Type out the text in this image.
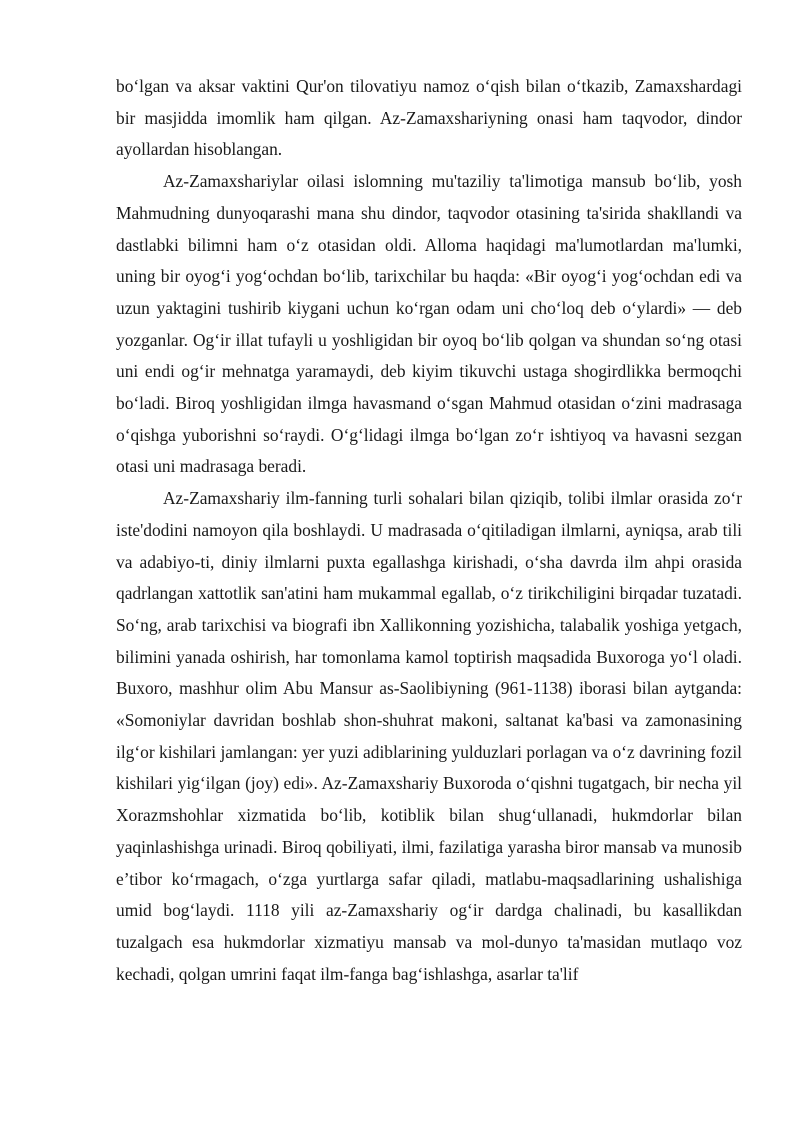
bo‘lgan va aksar vaktini Qur'on tilovatiyu namoz o‘qish bilan o‘tkazib, Zamaxshardagi bir masjidda imomlik ham qilgan. Az-Zamaxshariyning onasi ham taqvodor, dindor ayollardan hisoblangan.

Az-Zamaxshariylar oilasi islomning mu'taziliy ta'limotiga mansub bo‘lib, yosh Mahmudning dunyoqarashi mana shu dindor, taqvodor otasining ta'sirida shakllandi va dastlabki bilimni ham o‘z otasidan oldi. Alloma haqidagi ma'lumotlardan ma'lumki, uning bir oyog‘i yog‘ochdan bo‘lib, tarixchilar bu haqda: «Bir oyog‘i yog‘ochdan edi va uzun yaktagini tushirib kiygani uchun ko‘rgan odam uni cho‘loq deb o‘ylardi» — deb yozganlar. Og‘ir illat tufayli u yoshligidan bir oyoq bo‘lib qolgan va shundan so‘ng otasi uni endi og‘ir mehnatga yaramaydi, deb kiyim tikuvchi ustaga shogirdlikka bermoqchi bo‘ladi. Biroq yoshligidan ilmga havasmand o‘sgan Mahmud otasidan o‘zini madrasaga o‘qishga yuborishni so‘raydi. O‘g‘lidagi ilmga bo‘lgan zo‘r ishtiyoq va havasni sezgan otasi uni madrasaga beradi.

Az-Zamaxshariy ilm-fanning turli sohalari bilan qiziqib, tolibi ilmlar orasida zo‘r iste'dodini namoyon qila boshlaydi. U madrasada o‘qitiladigan ilmlarni, ayniqsa, arab tili va adabiyo-ti, diniy ilmlarni puxta egallashga kirishadi, o‘sha davrda ilm ahpi orasida qadrlangan xattotlik san'atini ham mukammal egallab, o‘z tirikchiligini birqadar tuzatadi. So‘ng, arab tarixchisi va biografi ibn Xallikonning yozishicha, talabalik yoshiga yetgach, bilimini yanada oshirish, har tomonlama kamol toptirish maqsadida Buxoroga yo‘l oladi. Buxoro, mashhur olim Abu Mansur as-Saolibiyning (961-1138) iborasi bilan aytganda: «Somoniylar davridan boshlab shon-shuhrat makoni, saltanat ka'basi va zamonasining ilg‘or kishilari jamlangan: yer yuzi adiblarining yulduzlari porlagan va o‘z davrining fozil kishilari yig‘ilgan (joy) edi». Az-Zamaxshariy Buxoroda o‘qishni tugatgach, bir necha yil Xorazmshohlar xizmatida bo‘lib, kotiblik bilan shug‘ullanadi, hukmdorlar bilan yaqinlashishga urinadi. Biroq qobiliyati, ilmi, fazilatiga yarasha biror mansab va munosib e’tibor ko‘rmagach, o‘zga yurtlarga safar qiladi, matlabu-maqsadlarining ushalishiga umid bog‘laydi. 1118 yili az-Zamaxshariy og‘ir dardga chalinadi, bu kasallikdan tuzalgach esa hukmdorlar xizmatiyu mansab va mol-dunyo ta'masidan mutlaqo voz kechadi, qolgan umrini faqat ilm-fanga bag‘ishlashga, asarlar ta'lif
